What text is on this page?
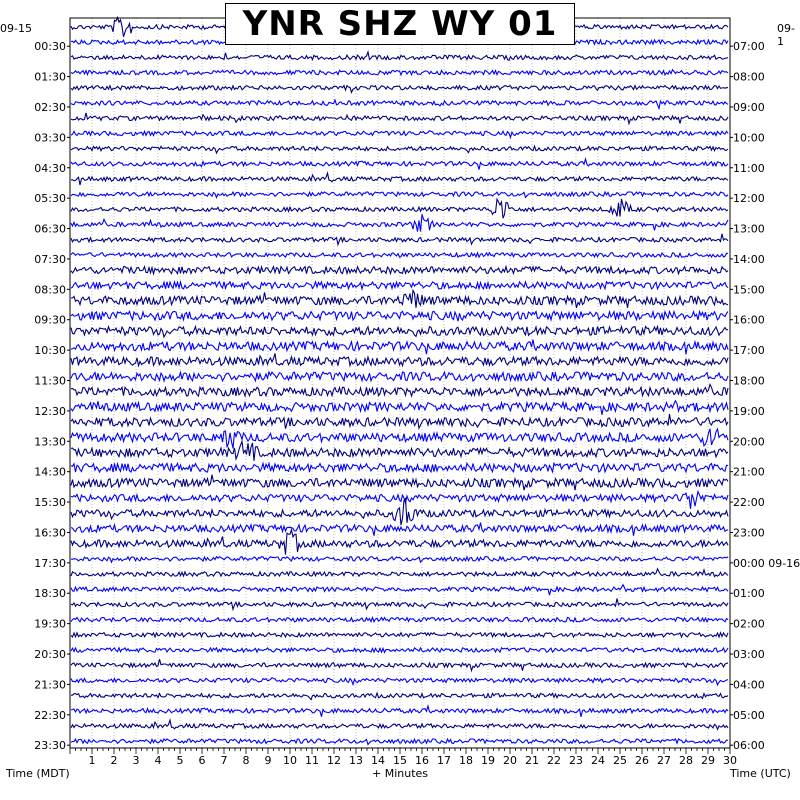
00:30
01:30
02:30
03:30
04:30
05:30
06:30
07:30
08:30
09:30
10:30
11:30
12:30
13:30
14:30
15:30
16:30
17:30
18:30
19:30
20:30
21:30
22:30
23:30
07:00
08:00
09:00
10:00
11:00
12:00
13:00
14:00
15:00
16:00
17:00
18:00
19:00
20:00
21:00
22:00
23:00
00:00 09-16
01:00
02:00
03:00
04:00
05:00
06:00
1 2 3 4 5 6 7 8 9 10 11 12 13 14 15 16 17 18 19 20 21 22 23 24 25 26 27 28 29 30
YNR SHZ WY 01
09-15	09-1
Time (MDT)	+ Minutes	Time (UTC)
